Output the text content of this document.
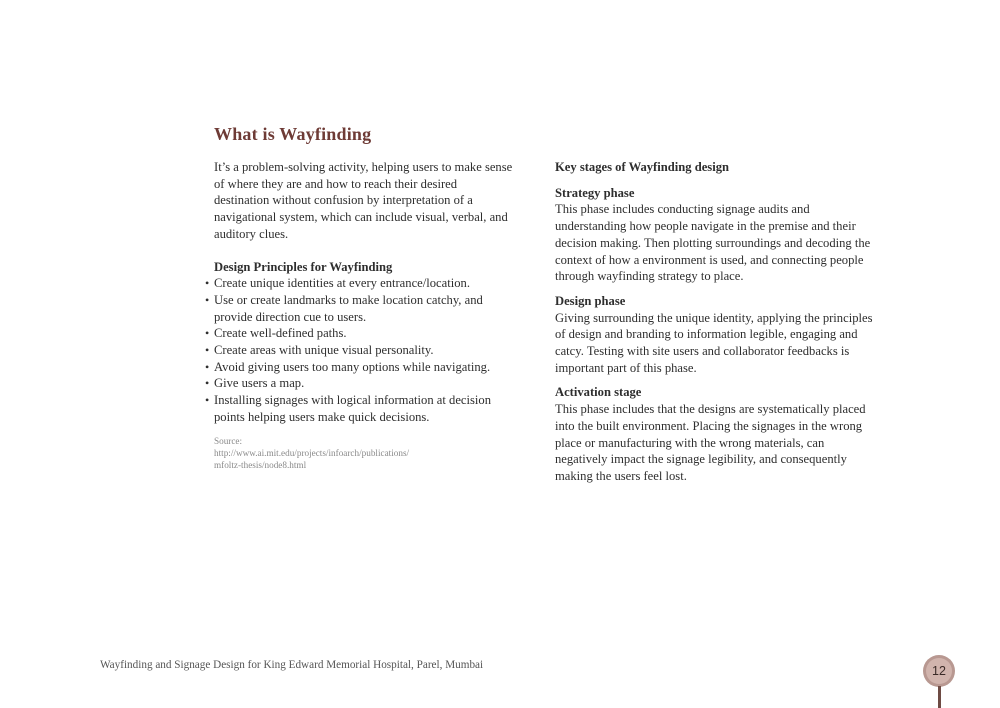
What is Wayfinding

It’s a problem-solving activity, helping users to make sense of where they are and how to reach their desired destination without confusion by interpretation of a navigational system, which can include visual, verbal, and auditory clues.

Design Principles for Wayfinding

• Create unique identities at every entrance/location.
• Use or create landmarks to make location catchy, and provide direction cue to users.
• Create well-defined paths.
• Create areas with unique visual personality.
• Avoid giving users too many options while navigating.
• Give users a map.
• Installing signages with logical information at decision points helping users make quick decisions.
Source:
http://www.ai.mit.edu/projects/infoarch/publications/
mfoltz-thesis/node8.html

Key stages of Wayfinding design

Strategy phase

This phase includes conducting signage audits and understanding how people navigate in the premise and their decision making. Then plotting surroundings and decoding the context of how a environment is used, and connecting people through wayfinding strategy to place.

Design phase

Giving surrounding the unique identity, applying the principles of design and branding to information legible, engaging and catcy. Testing with site users and collaborator feedbacks is important part of this phase.

Activation stage

This phase includes that the designs are systematically placed into the built environment. Placing the signages in the wrong place or manufacturing with the wrong materials, can negatively impact the signage legibility, and consequently making the users feel lost.

Wayfinding and Signage Design for King Edward Memorial Hospital, Parel, Mumbai	12
